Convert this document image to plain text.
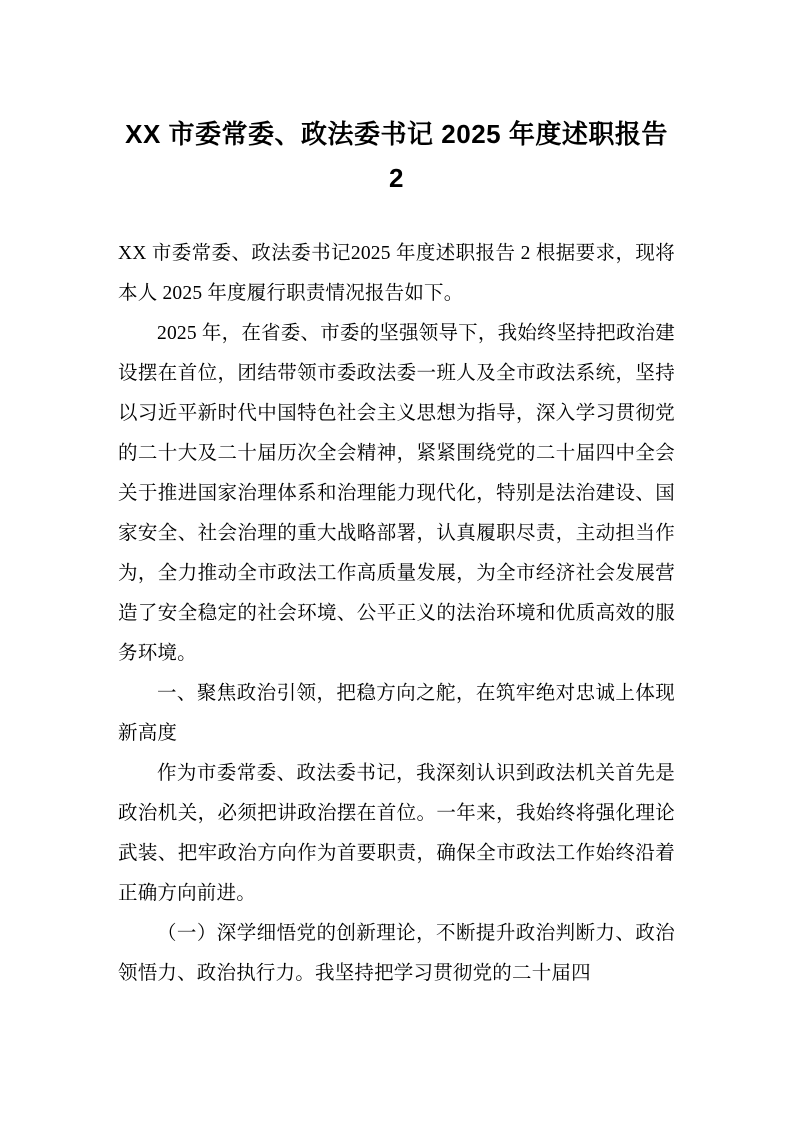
XX 市委常委、政法委书记 2025 年度述职报告 2

XX 市委常委、政法委书记2025 年度述职报告 2 根据要求，现将本人 2025 年度履行职责情况报告如下。

2025 年，在省委、市委的坚强领导下，我始终坚持把政治建设摆在首位，团结带领市委政法委一班人及全市政法系统，坚持以习近平新时代中国特色社会主义思想为指导，深入学习贯彻党的二十大及二十届历次全会精神，紧紧围绕党的二十届四中全会关于推进国家治理体系和治理能力现代化，特别是法治建设、国家安全、社会治理的重大战略部署，认真履职尽责，主动担当作为，全力推动全市政法工作高质量发展，为全市经济社会发展营造了安全稳定的社会环境、公平正义的法治环境和优质高效的服务环境。

一、聚焦政治引领，把稳方向之舵，在筑牢绝对忠诚上体现新高度

作为市委常委、政法委书记，我深刻认识到政法机关首先是政治机关，必须把讲政治摆在首位。一年来，我始终将强化理论武装、把牢政治方向作为首要职责，确保全市政法工作始终沿着正确方向前进。

（一）深学细悟党的创新理论，不断提升政治判断力、政治领悟力、政治执行力。我坚持把学习贯彻党的二十届四
